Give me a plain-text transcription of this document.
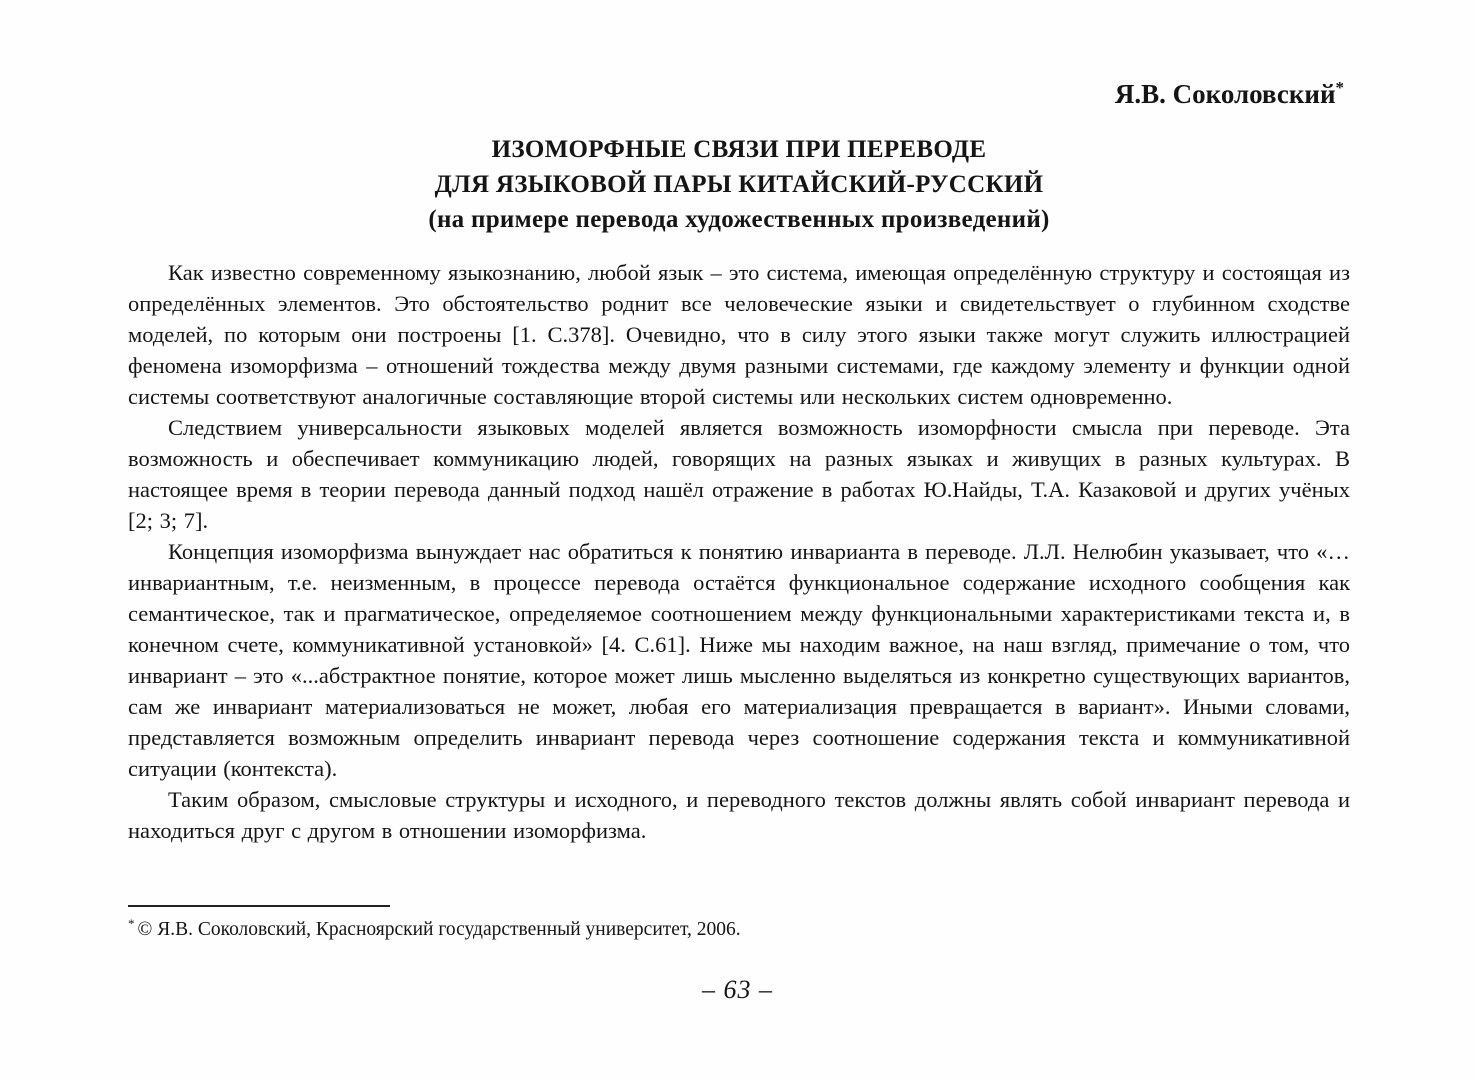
Я.В. Соколовский*
ИЗОМОРФНЫЕ СВЯЗИ ПРИ ПЕРЕВОДЕ
ДЛЯ ЯЗЫКОВОЙ ПАРЫ КИТАЙСКИЙ-РУССКИЙ
(на примере перевода художественных произведений)

Как известно современному языкознанию, любой язык – это система, имеющая определённую структуру и состоящая из определённых элементов. Это обстоятельство роднит все человеческие языки и свидетельствует о глубинном сходстве моделей, по которым они построены [1. С.378]. Очевидно, что в силу этого языки также могут служить иллюстрацией феномена изоморфизма – отношений тождества между двумя разными системами, где каждому элементу и функции одной системы соответствуют аналогичные составляющие второй системы или нескольких систем одновременно.

Следствием универсальности языковых моделей является возможность изоморфности смысла при переводе. Эта возможность и обеспечивает коммуникацию людей, говорящих на разных языках и живущих в разных культурах. В настоящее время в теории перевода данный подход нашёл отражение в работах Ю.Найды, Т.А. Казаковой и других учёных [2; 3; 7].

Концепция изоморфизма вынуждает нас обратиться к понятию инварианта в переводе. Л.Л. Нелюбин указывает, что «…инвариантным, т.е. неизменным, в процессе перевода остаётся функциональное содержание исходного сообщения как семантическое, так и прагматическое, определяемое соотношением между функциональными характеристиками текста и, в конечном счете, коммуникативной установкой» [4. С.61]. Ниже мы находим важное, на наш взгляд, примечание о том, что инвариант – это «...абстрактное понятие, которое может лишь мысленно выделяться из конкретно существующих вариантов, сам же инвариант материализоваться не может, любая его материализация превращается в вариант». Иными словами, представляется возможным определить инвариант перевода через соотношение содержания текста и коммуникативной ситуации (контекста).

Таким образом, смысловые структуры и исходного, и переводного текстов должны являть собой инвариант перевода и находиться друг с другом в отношении изоморфизма.

* © Я.В. Соколовский, Красноярский государственный университет, 2006.
– 63 –
